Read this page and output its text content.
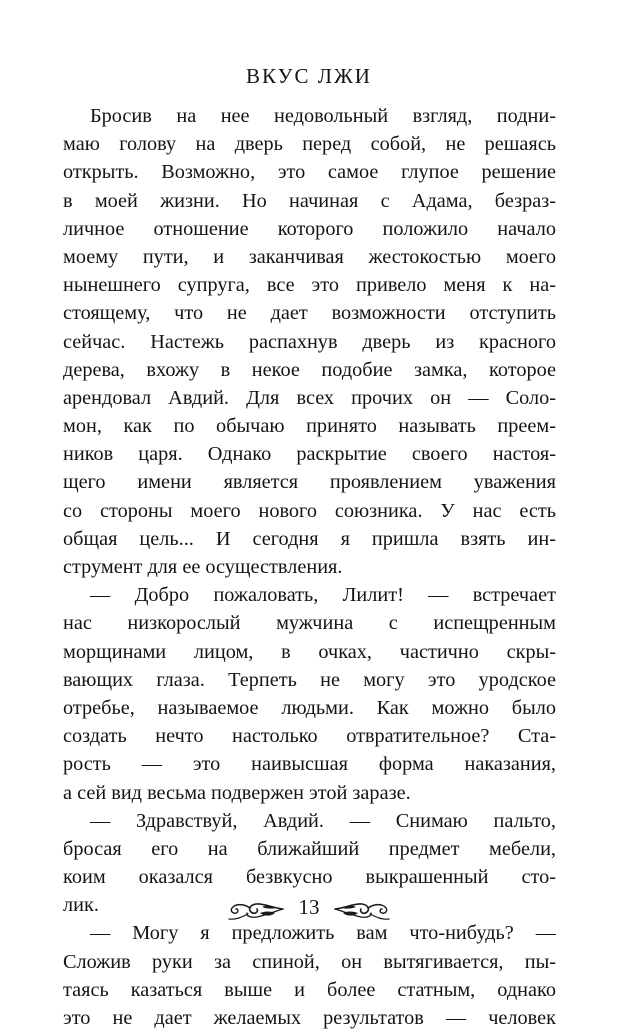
ВКУС ЛЖИ
Бросив на нее недовольный взгляд, подни-
маю голову на дверь перед собой, не решаясь
открыть. Возможно, это самое глупое решение
в моей жизни. Но начиная с Адама, безраз-
личное отношение которого положило начало
моему пути, и заканчивая жестокостью моего
нынешнего супруга, все это привело меня к на-
стоящему, что не дает возможности отступить
сейчас. Настежь распахнув дверь из красного
дерева, вхожу в некое подобие замка, которое
арендовал Авдий. Для всех прочих он — Соло-
мон, как по обычаю принято называть преем-
ников царя. Однако раскрытие своего настоя-
щего имени является проявлением уважения
со стороны моего нового союзника. У нас есть
общая цель... И сегодня я пришла взять ин-
струмент для ее осуществления.
— Добро пожаловать, Лилит! — встречает
нас низкорослый мужчина с испещренным
морщинами лицом, в очках, частично скры-
вающих глаза. Терпеть не могу это уродское
отребье, называемое людьми. Как можно было
создать нечто настолько отвратительное? Ста-
рость — это наивысшая форма наказания,
а сей вид весьма подвержен этой заразе.
— Здравствуй, Авдий. — Снимаю пальто,
бросая его на ближайший предмет мебели,
коим оказался безвкусно выкрашенный сто-
лик.
— Могу я предложить вам что-нибудь? —
Сложив руки за спиной, он вытягивается, пы-
таясь казаться выше и более статным, однако
это не дает желаемых результатов — человек
13
